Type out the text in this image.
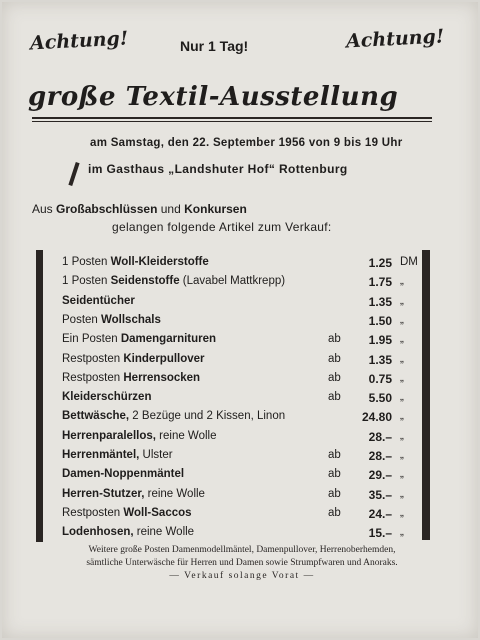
Achtung!	Nur 1 Tag!	Achtung!
große Textil-Ausstellung
am Samstag, den 22. September 1956 von 9 bis 19 Uhr
im Gasthaus „Landshuter Hof“ Rottenburg
Aus Großabschlüssen und Konkursen
gelangen folgende Artikel zum Verkauf:
1 Posten Woll-Kleiderstoffe	1.25 DM
1 Posten Seidenstoffe (Lavabel Mattkrepp)	1.75 „
Seidentücher	1.35 „
Posten Wollschals	1.50 „
Ein Posten Damengarnituren	ab	1.95 „
Restposten Kinderpullover	ab	1.35 „
Restposten Herrensocken	ab	0.75 „
Kleiderschürzen	ab	5.50 „
Bettwäsche, 2 Bezüge und 2 Kissen, Linon	24.80 „
Herrenparalellos, reine Wolle	28.– „
Herrenmäntel, Ulster	ab	28.– „
Damen-Noppenmäntel	ab	29.– „
Herren-Stutzer, reine Wolle	ab	35.– „
Restposten Woll-Saccos	ab	24.– „
Lodenhosen, reine Wolle	15.– „
Weitere große Posten Damenmodellmäntel, Damenpullover, Herrenoberhemden,
sämtliche Unterwäsche für Herren und Damen sowie Strumpfwaren und Anoraks.
— Verkauf solange Vorat —
